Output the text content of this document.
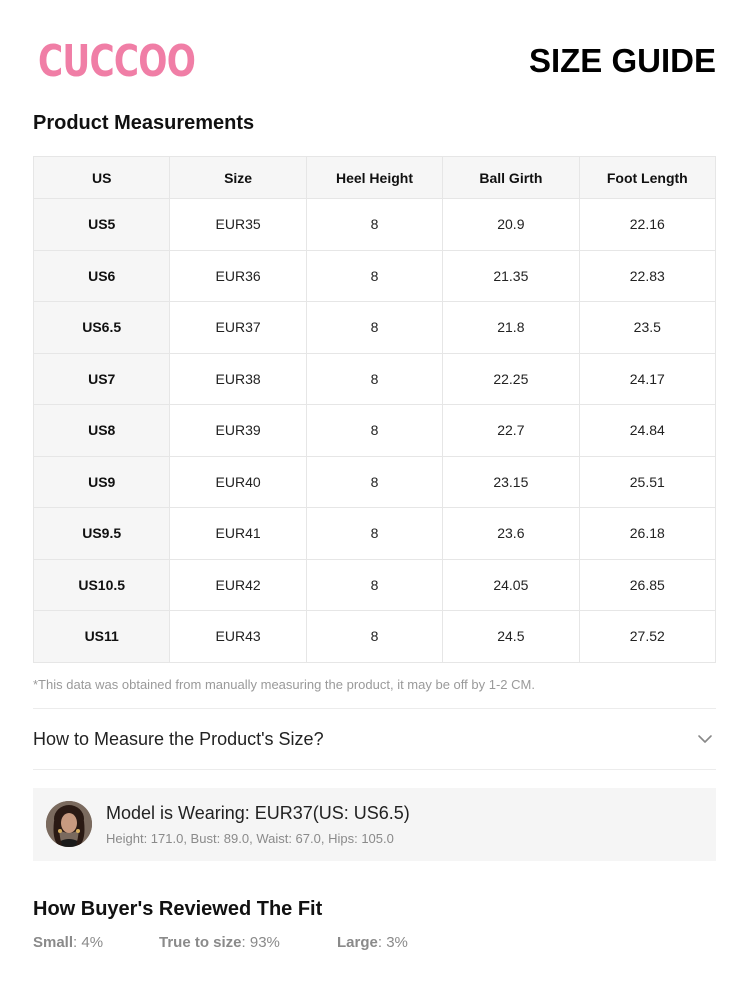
CUCCOO	SIZE GUIDE
Product Measurements
US	Size	Heel Height	Ball Girth	Foot Length
US5	EUR35	8	20.9	22.16
US6	EUR36	8	21.35	22.83
US6.5	EUR37	8	21.8	23.5
US7	EUR38	8	22.25	24.17
US8	EUR39	8	22.7	24.84
US9	EUR40	8	23.15	25.51
US9.5	EUR41	8	23.6	26.18
US10.5	EUR42	8	24.05	26.85
US11	EUR43	8	24.5	27.52
*This data was obtained from manually measuring the product, it may be off by 1-2 CM.
How to Measure the Product's Size?
Model is Wearing: EUR37(US: US6.5)
Height: 171.0, Bust: 89.0, Waist: 67.0, Hips: 105.0
How Buyer's Reviewed The Fit
Small: 4%	True to size: 93%	Large: 3%
